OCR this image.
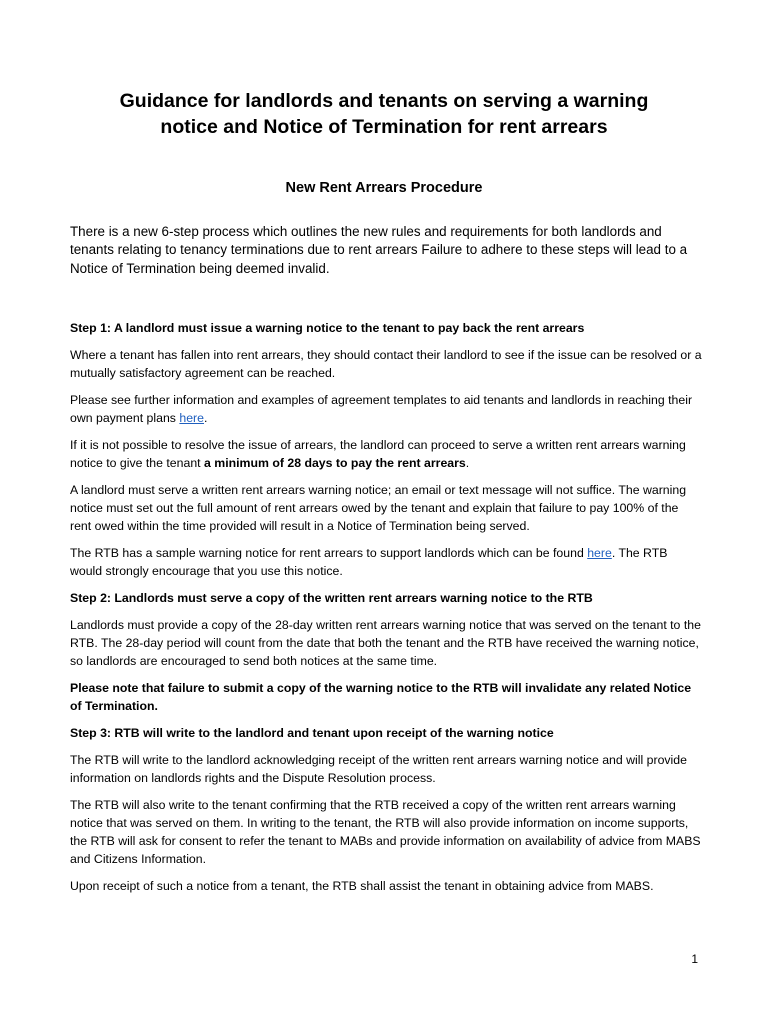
Guidance for landlords and tenants on serving a warning
notice and Notice of Termination for rent arrears
New Rent Arrears Procedure

There is a new 6-step process which outlines the new rules and requirements for both landlords and tenants relating to tenancy terminations due to rent arrears Failure to adhere to these steps will lead to a Notice of Termination being deemed invalid.

Step 1: A landlord must issue a warning notice to the tenant to pay back the rent arrears

Where a tenant has fallen into rent arrears, they should contact their landlord to see if the issue can be resolved or a mutually satisfactory agreement can be reached.

Please see further information and examples of agreement templates to aid tenants and landlords in reaching their own payment plans here.

If it is not possible to resolve the issue of arrears, the landlord can proceed to serve a written rent arrears warning notice to give the tenant a minimum of 28 days to pay the rent arrears.

A landlord must serve a written rent arrears warning notice; an email or text message will not suffice. The warning notice must set out the full amount of rent arrears owed by the tenant and explain that failure to pay 100% of the rent owed within the time provided will result in a Notice of Termination being served.

The RTB has a sample warning notice for rent arrears to support landlords which can be found here. The RTB would strongly encourage that you use this notice.

Step 2: Landlords must serve a copy of the written rent arrears warning notice to the RTB

Landlords must provide a copy of the 28-day written rent arrears warning notice that was served on the tenant to the RTB. The 28-day period will count from the date that both the tenant and the RTB have received the warning notice, so landlords are encouraged to send both notices at the same time.

Please note that failure to submit a copy of the warning notice to the RTB will invalidate any related Notice of Termination.

Step 3: RTB will write to the landlord and tenant upon receipt of the warning notice

The RTB will write to the landlord acknowledging receipt of the written rent arrears warning notice and will provide information on landlords rights and the Dispute Resolution process.

The RTB will also write to the tenant confirming that the RTB received a copy of the written rent arrears warning notice that was served on them. In writing to the tenant, the RTB will also provide information on income supports, the RTB will ask for consent to refer the tenant to MABs and provide information on availability of advice from MABS and Citizens Information.

Upon receipt of such a notice from a tenant, the RTB shall assist the tenant in obtaining advice from MABS.

1
